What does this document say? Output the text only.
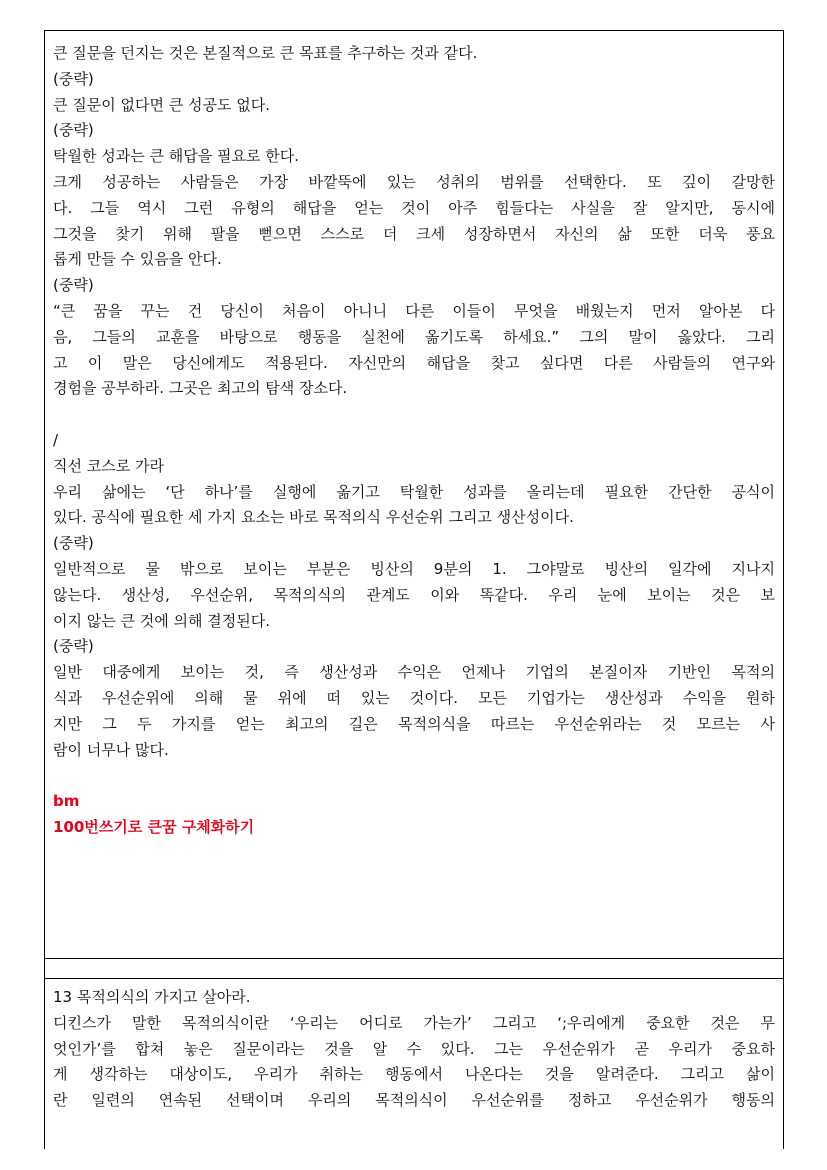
큰 질문을 던지는 것은 본질적으로 큰 목표를 추구하는 것과 같다.
(중략)
큰 질문이 없다면 큰 성공도 없다.
(중략)
탁월한 성과는 큰 해답을 필요로 한다.
크게 성공하는 사람들은 가장 바깥뚝에 있는 성취의 범위를 선택한다. 또 깊이 갈망한
다. 그들 역시 그런 유형의 해답을 얻는 것이 아주 힘들다는 사실을 잘 알지만, 동시에
그것을 찾기 위해 팔을 뻗으면 스스로 더 크세 성장하면서 자신의 삶 또한 더욱 풍요
롭게 만들 수 있음을 안다.
(중략)
“큰 꿈을 꾸는 건 당신이 처음이 아니니 다른 이들이 무엇을 배웠는지 먼저 알아본 다
음, 그들의 교훈을 바탕으로 행동을 실천에 옮기도록 하세요.” 그의 말이 옳았다. 그리
고 이 말은 당신에게도 적용된다. 자신만의 해답을 찾고 싶다면 다른 사람들의 연구와
경험을 공부하라. 그곳은 최고의 탐색 장소다.
/
직선 코스로 가라
우리 삶에는 ‘단 하나’를 실행에 옮기고 탁월한 성과를 올리는데 필요한 간단한 공식이
있다. 공식에 필요한 세 가지 요소는 바로 목적의식 우선순위 그리고 생산성이다.
(중략)
일반적으로 물 밖으로 보이는 부분은 빙산의 9분의 1. 그야말로 빙산의 일각에 지나지
않는다. 생산성, 우선순위, 목적의식의 관계도 이와 똑같다. 우리 눈에 보이는 것은 보
이지 않는 큰 것에 의해 결정된다.
(중략)
일반 대중에게 보이는 것, 즉 생산성과 수익은 언제나 기업의 본질이자 기반인 목적의
식과 우선순위에 의해 물 위에 떠 있는 것이다. 모든 기업가는 생산성과 수익을 원하
지만 그 두 가지를 얻는 최고의 길은 목적의식을 따르는 우선순위라는 것 모르는 사
람이 너무나 많다.
bm
100번쓰기로 큰꿈 구체화하기
13 목적의식의 가지고 살아라.
디킨스가 말한 목적의식이란 ‘우리는 어디로 가는가’ 그리고 ‘;우리에게 중요한 것은 무
엇인가’를 합쳐 놓은 질문이라는 것을 알 수 있다. 그는 우선순위가 곧 우리가 중요하
게 생각하는 대상이도, 우리가 취하는 행동에서 나온다는 것을 알려준다. 그리고 삶이
란 일련의 연속된 선택이며 우리의 목적의식이 우선순위를 정하고 우선순위가 행동의
